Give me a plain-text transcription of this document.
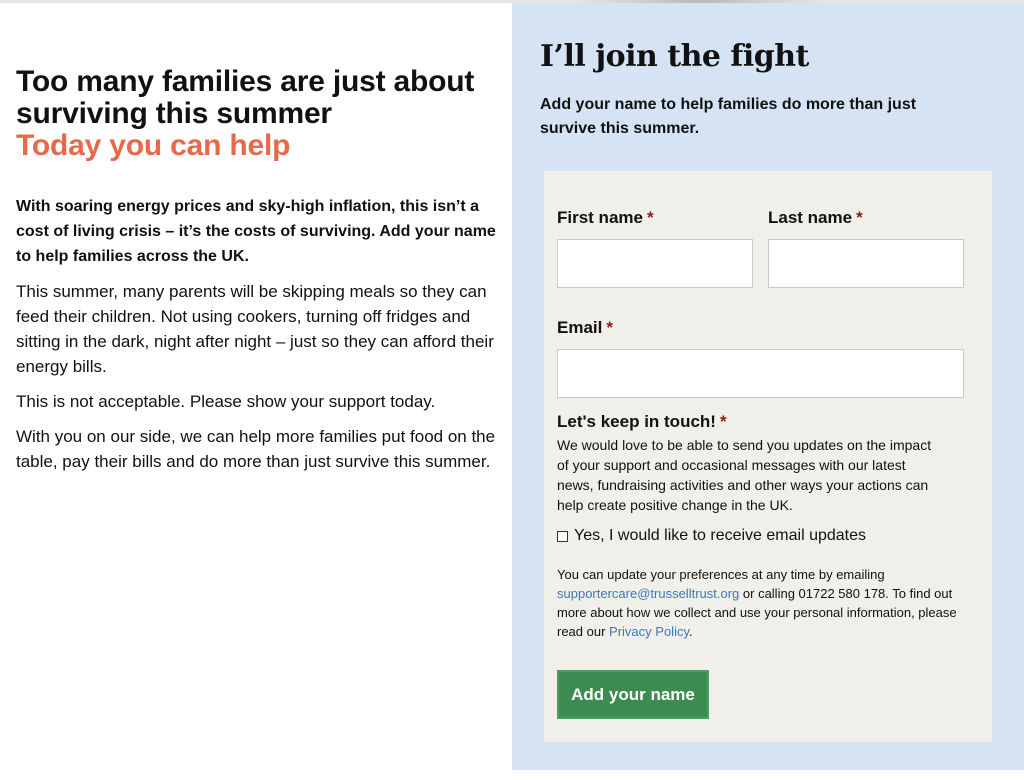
Too many families are just about surviving this summer
Today you can help

With soaring energy prices and sky-high inflation, this isn’t a cost of living crisis – it’s the costs of surviving. Add your name to help families across the UK.

This summer, many parents will be skipping meals so they can feed their children. Not using cookers, turning off fridges and sitting in the dark, night after night – just so they can afford their energy bills.

This is not acceptable. Please show your support today.

With you on our side, we can help more families put food on the table, pay their bills and do more than just survive this summer.

I’ll join the fight

Add your name to help families do more than just survive this summer.

First name *	Last name *
Email *
Let's keep in touch! *

We would love to be able to send you updates on the impact of your support and occasional messages with our latest news, fundraising activities and other ways your actions can help create positive change in the UK.

Yes, I would like to receive email updates

You can update your preferences at any time by emailing supportercare@trusselltrust.org or calling 01722 580 178. To find out more about how we collect and use your personal information, please read our Privacy Policy.

Add your name
